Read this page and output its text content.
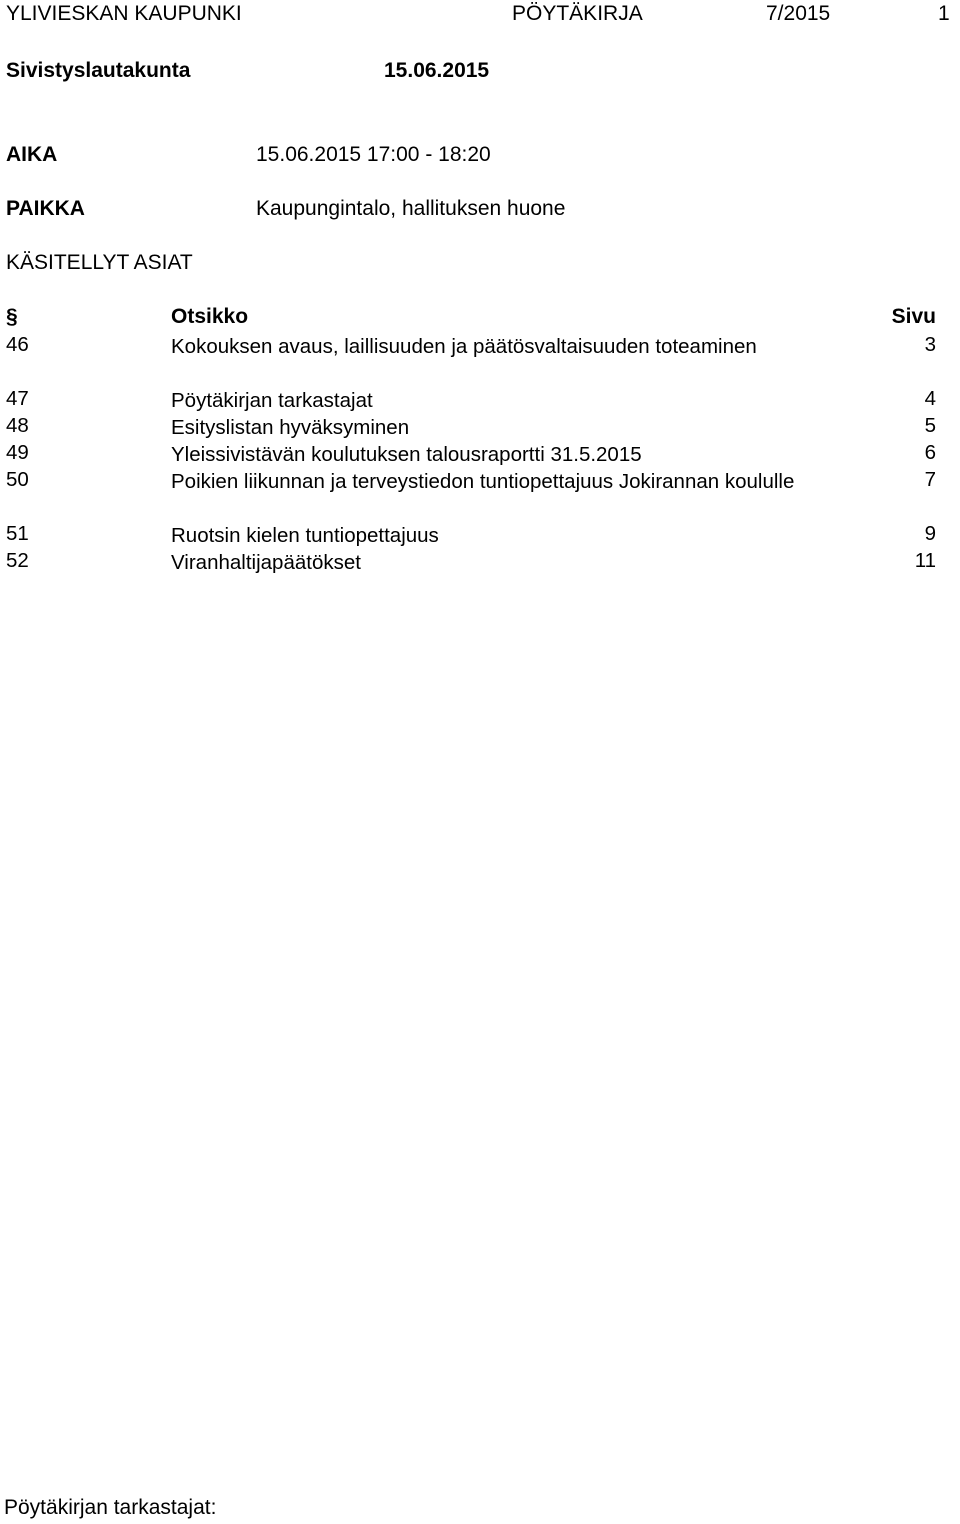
YLIVIESKAN KAUPUNKI	PÖYTÄKIRJA	7/2015	1
Sivistyslautakunta	15.06.2015
AIKA	15.06.2015 17:00 - 18:20
PAIKKA	Kaupungintalo, hallituksen huone
KÄSITELLYT ASIAT
§	Otsikko	Sivu
46	Kokouksen avaus, laillisuuden ja päätösvaltaisuuden toteaminen	3
47	Pöytäkirjan tarkastajat	4
48	Esityslistan hyväksyminen	5
49	Yleissivistävän koulutuksen talousraportti 31.5.2015	6
50	Poikien liikunnan ja terveystiedon tuntiopettajuus Jokirannan koululle	7
51	Ruotsin kielen tuntiopettajuus	9
52	Viranhaltijapäätökset	11
Pöytäkirjan tarkastajat:
